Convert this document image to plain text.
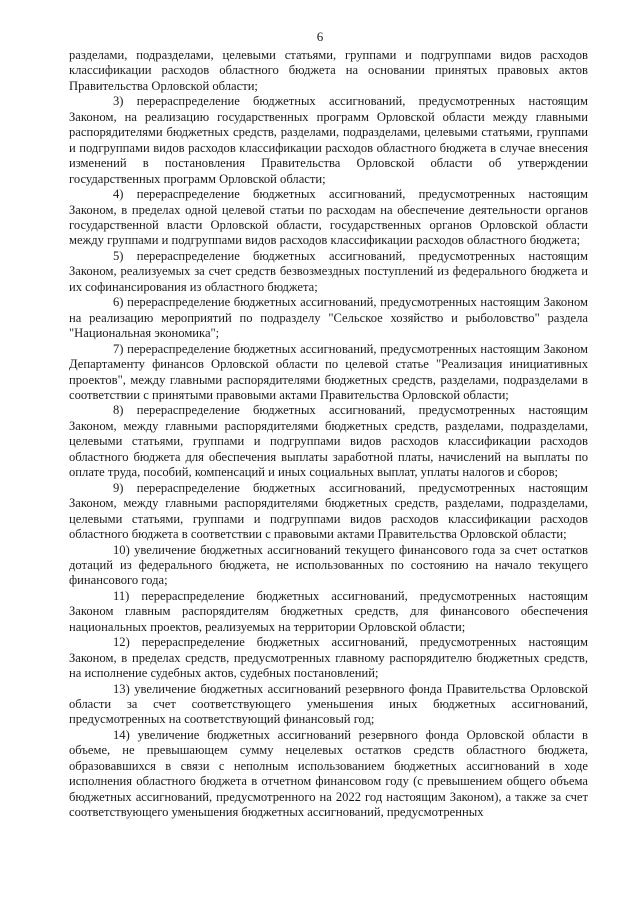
6

разделами, подразделами, целевыми статьями, группами и подгруппами видов расходов классификации расходов областного бюджета на основании принятых правовых актов Правительства Орловской области;

3) перераспределение бюджетных ассигнований, предусмотренных настоящим Законом, на реализацию государственных программ Орловской области между главными распорядителями бюджетных средств, разделами, подразделами, целевыми статьями, группами и подгруппами видов расходов классификации расходов областного бюджета в случае внесения изменений в постановления Правительства Орловской области об утверждении государственных программ Орловской области;

4) перераспределение бюджетных ассигнований, предусмотренных настоящим Законом, в пределах одной целевой статьи по расходам на обеспечение деятельности органов государственной власти Орловской области, государственных органов Орловской области между группами и подгруппами видов расходов классификации расходов областного бюджета;

5) перераспределение бюджетных ассигнований, предусмотренных настоящим Законом, реализуемых за счет средств безвозмездных поступлений из федерального бюджета и их софинансирования из областного бюджета;

6) перераспределение бюджетных ассигнований, предусмотренных настоящим Законом на реализацию мероприятий по подразделу "Сельское хозяйство и рыболовство" раздела "Национальная экономика";

7) перераспределение бюджетных ассигнований, предусмотренных настоящим Законом Департаменту финансов Орловской области по целевой статье "Реализация инициативных проектов", между главными распорядителями бюджетных средств, разделами, подразделами в соответствии с принятыми правовыми актами Правительства Орловской области;

8) перераспределение бюджетных ассигнований, предусмотренных настоящим Законом, между главными распорядителями бюджетных средств, разделами, подразделами, целевыми статьями, группами и подгруппами видов расходов классификации расходов областного бюджета для обеспечения выплаты заработной платы, начислений на выплаты по оплате труда, пособий, компенсаций и иных социальных выплат, уплаты налогов и сборов;

9) перераспределение бюджетных ассигнований, предусмотренных настоящим Законом, между главными распорядителями бюджетных средств, разделами, подразделами, целевыми статьями, группами и подгруппами видов расходов классификации расходов областного бюджета в соответствии с правовыми актами Правительства Орловской области;

10) увеличение бюджетных ассигнований текущего финансового года за счет остатков дотаций из федерального бюджета, не использованных по состоянию на начало текущего финансового года;

11) перераспределение бюджетных ассигнований, предусмотренных настоящим Законом главным распорядителям бюджетных средств, для финансового обеспечения национальных проектов, реализуемых на территории Орловской области;

12) перераспределение бюджетных ассигнований, предусмотренных настоящим Законом, в пределах средств, предусмотренных главному распорядителю бюджетных средств, на исполнение судебных актов, судебных постановлений;

13) увеличение бюджетных ассигнований резервного фонда Правительства Орловской области за счет соответствующего уменьшения иных бюджетных ассигнований, предусмотренных на соответствующий финансовый год;

14) увеличение бюджетных ассигнований резервного фонда Орловской области в объеме, не превышающем сумму нецелевых остатков средств областного бюджета, образовавшихся в связи с неполным использованием бюджетных ассигнований в ходе исполнения областного бюджета в отчетном финансовом году (с превышением общего объема бюджетных ассигнований, предусмотренного на 2022 год настоящим Законом), а также за счет соответствующего уменьшения бюджетных ассигнований, предусмотренных
